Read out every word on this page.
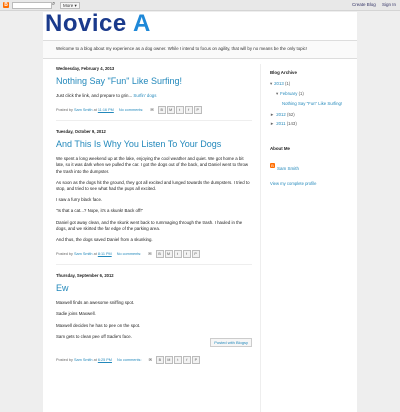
B	⌕	More ▾	Create Blog Sign In
Novice A
Welcome to a blog about my experience as a dog owner. While I intend to focus on agility, that will by no means be the only topic!
Wednesday, February 4, 2013
Nothing Say "Fun" Like Surfing!

Just click the link, and prepare to grin... Surfin' dogs

Posted by Sam Smith at 11:16 PM No comments: ✉ B M t f P
Tuesday, October 9, 2012
And This Is Why You Listen To Your Dogs

We spent a long weekend up at the lake, enjoying the cool weather and quiet. We got home a bit late, so it was dark when we pulled the car. I got the dogs out of the back, and Daniel went to throw the trash into the dumpster.

As soon as the dogs hit the ground, they got all excited and lunged towards the dumpsters. I tried to stop, and tried to see what had the pups all excited.

I saw a furry black face.

"Is that a cat...? Nope, it's a skunk! Back off!"

Daniel got away clean, and the skunk went back to rummaging through the trash. I hauled in the dogs, and we skirted the far edge of the parking area.

And thus, the dogs saved Daniel from a skunking.

Posted by Sam Smith at 8:11 PM No comments: ✉ B M t f P
Thursday, September 6, 2012
Ew

Maxwell finds an awesome sniffing spot.

Sadie joins Maxwell.

Maxwell decides he has to pee on the spot.

Sam gets to clean pee off Sadie's face.

Posted with Blogsy
Posted by Sam Smith at 6:25 PM No comments: ✉ B M t f P
Blog Archive
▾ 2013 (1)
▾ February (1)
Nothing Say "Fun" Like Surfing!
► 2012 (52)
► 2011 (143)
About Me
BSam Smith
View my complete profile
